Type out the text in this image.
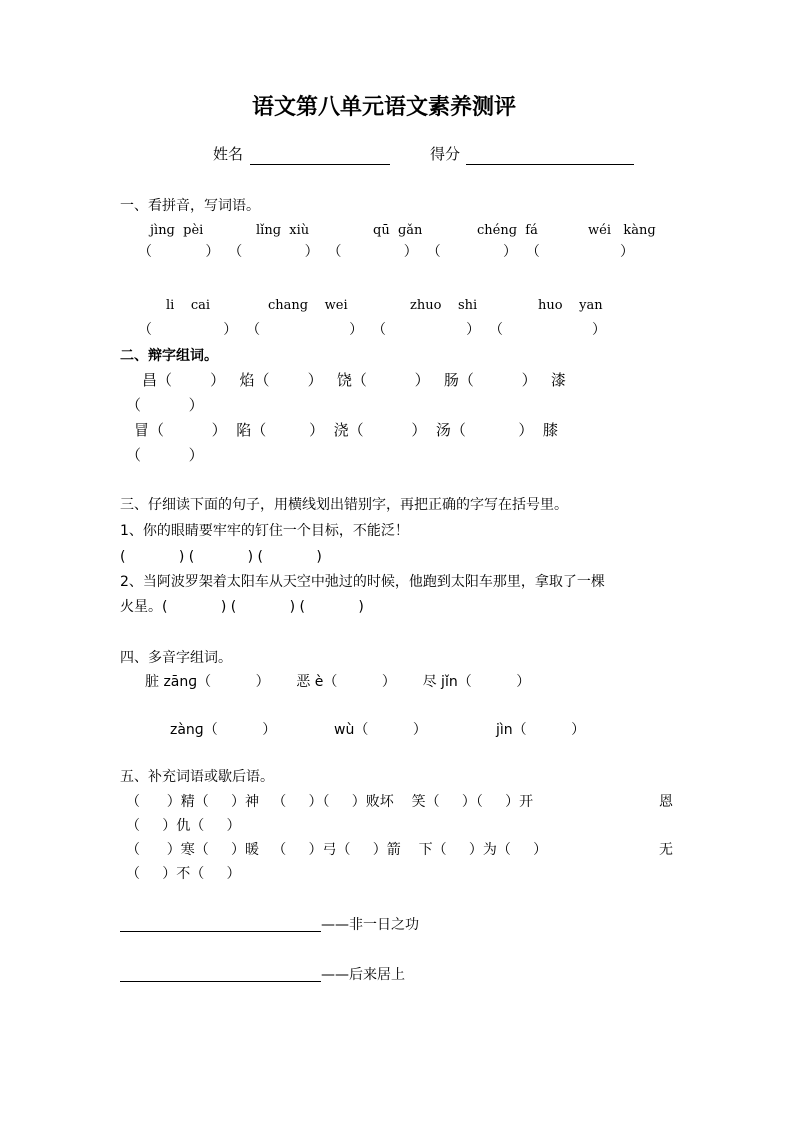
语文第八单元语文素养测评
姓名	得分
一、看拼音，写词语。
jìnɡ  pèi	lǐnɡ  xiù	qū  ɡǎn	chénɡ  fá	wéi   kànɡ
（            ）  （              ）  （              ）  （              ）  （                  ）
li    cai	chang    wei	zhuo    shi	huo    yan
（                ）  （                    ）  （                  ）  （                    ）
二、辩字组词。
昌（        ）   焰（        ）   饶（          ）   肠（          ）   漆
（          ）
冒（          ）  陷（         ）  浇（          ）  汤（           ）  膝
（          ）
三、仔细读下面的句子，用横线划出错别字，再把正确的字写在括号里。
1、你的眼睛要牢牢的钉住一个目标，不能泛！
(            ) (            ) (            )
2、当阿波罗架着太阳车从天空中弛过的时候，他跑到太阳车那里，拿取了一棵
火星。(            ) (            ) (            )
四、多音字组词。
脏 zānɡ（          ）      恶 è（          ）      尽 jǐn（          ）
zànɡ（          ）	wù（          ）	jìn（          ）
五、补充词语或歇后语。
（      ）精（     ）神   （     ）（     ）败坏    笑（     ）（     ）开	恩
（     ）仇（     ）
（      ）寒（     ）暖   （     ）弓（     ）箭    下（     ）为（     ）	无
（     ）不（     ）
——非一日之功
——后来居上
